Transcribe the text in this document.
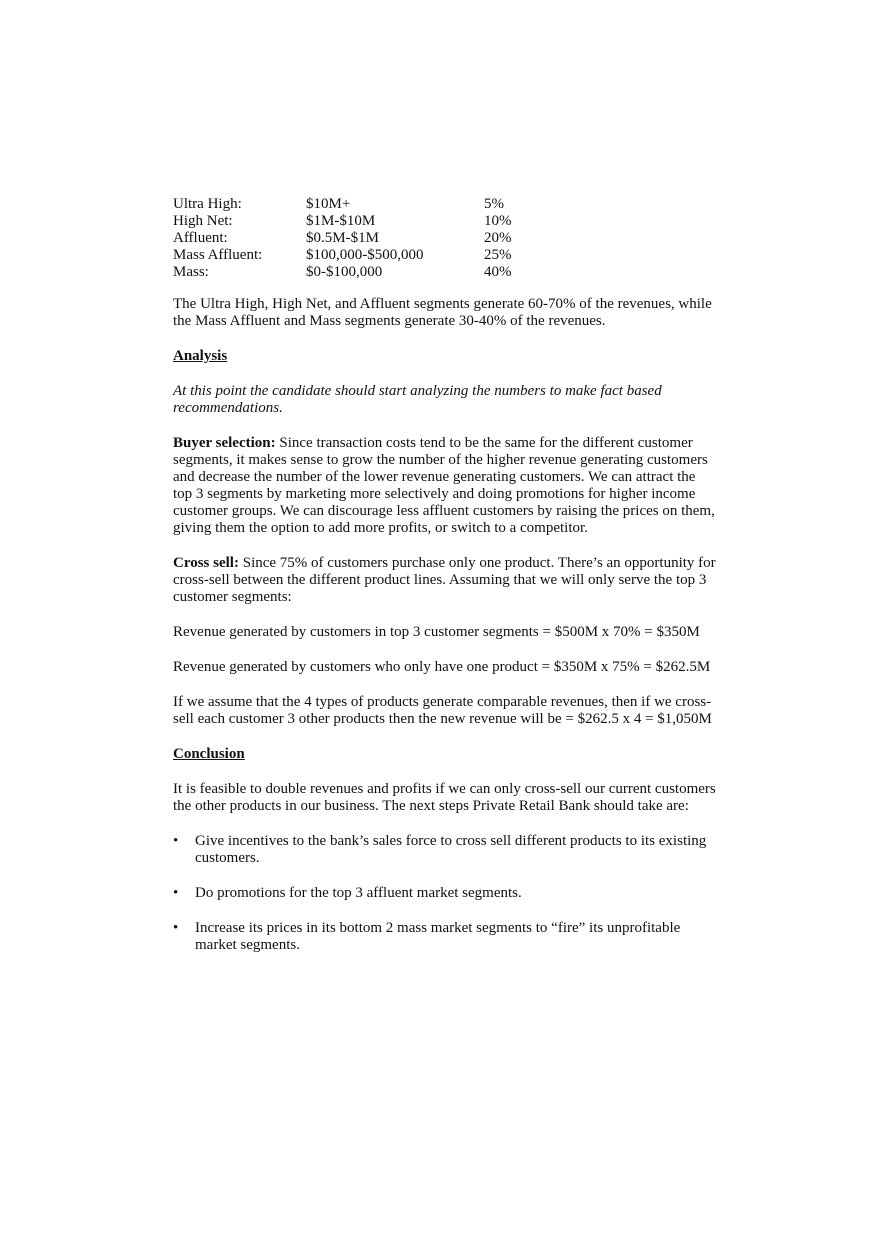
Ultra High:	$10M+	5%
High Net:	$1M-$10M	10%
Affluent:	$0.5M-$1M	20%
Mass Affluent:	$100,000-$500,000	25%
Mass:	$0-$100,000	40%

The Ultra High, High Net, and Affluent segments generate 60-70% of the revenues, while the Mass Affluent and Mass segments generate 30-40% of the revenues.

Analysis

At this point the candidate should start analyzing the numbers to make fact based recommendations.

Buyer selection: Since transaction costs tend to be the same for the different customer segments, it makes sense to grow the number of the higher revenue generating customers and decrease the number of the lower revenue generating customers. We can attract the top 3 segments by marketing more selectively and doing promotions for higher income customer groups. We can discourage less affluent customers by raising the prices on them, giving them the option to add more profits, or switch to a competitor.

Cross sell: Since 75% of customers purchase only one product. There’s an opportunity for cross-sell between the different product lines. Assuming that we will only serve the top 3 customer segments:

Revenue generated by customers in top 3 customer segments = $500M x 70% = $350M

Revenue generated by customers who only have one product = $350M x 75% = $262.5M

If we assume that the 4 types of products generate comparable revenues, then if we cross-sell each customer 3 other products then the new revenue will be = $262.5 x 4 = $1,050M

Conclusion

It is feasible to double revenues and profits if we can only cross-sell our current customers the other products in our business. The next steps Private Retail Bank should take are:

•	Give incentives to the bank’s sales force to cross sell different products to its existing customers.
•	Do promotions for the top 3 affluent market segments.
•	Increase its prices in its bottom 2 mass market segments to “fire” its unprofitable market segments.
